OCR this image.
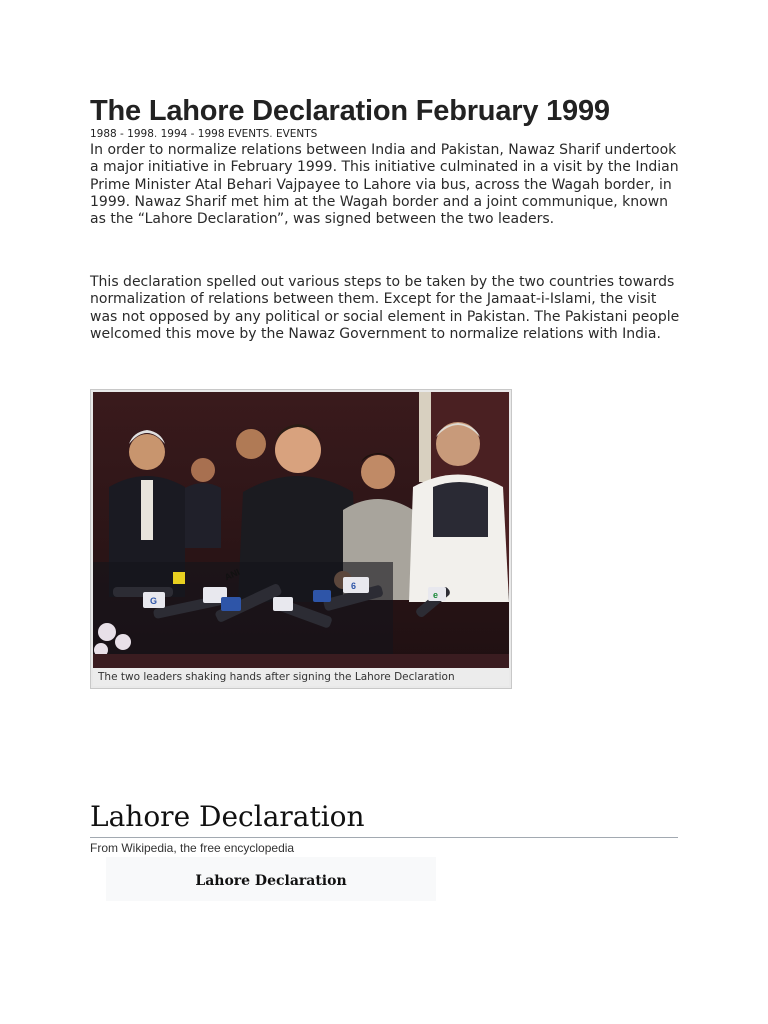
The Lahore Declaration February 1999
1988 - 1998. 1994 - 1998 EVENTS. EVENTS

In order to normalize relations between India and Pakistan, Nawaz Sharif undertook a major initiative in February 1999. This initiative culminated in a visit by the Indian Prime Minister Atal Behari Vajpayee to Lahore via bus, across the Wagah border, in 1999. Nawaz Sharif met him at the Wagah border and a joint communique, known as the “Lahore Declaration”, was signed between the two leaders.

This declaration spelled out various steps to be taken by the two countries towards normalization of relations between them. Except for the Jamaat-i-Islami, the visit was not opposed by any political or social element in Pakistan. The Pakistani people welcomed this move by the Nawaz Government to normalize relations with India.

ANI
G
6
e
The two leaders shaking hands after signing the Lahore Declaration
Lahore Declaration
From Wikipedia, the free encyclopedia
Lahore Declaration
